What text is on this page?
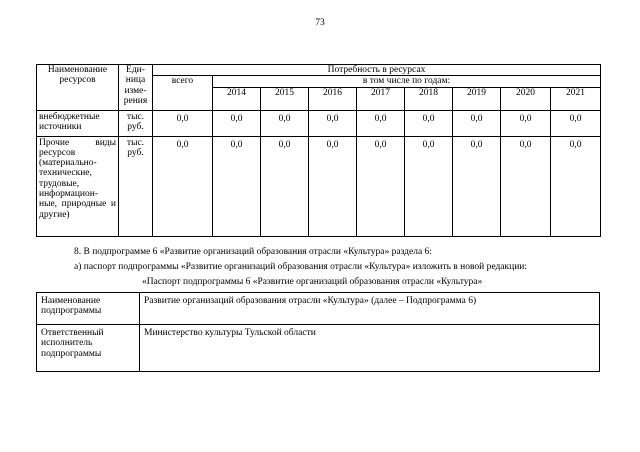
73
Наименование ресурсов	Еди-ница изме-рения	Потребность в ресурсах								
		всего	в том числе по годам:							
			2014	2015	2016	2017	2018	2019	2020	2021
внебюджетные источники	тыс. руб.	0,0	0,0	0,0	0,0	0,0	0,0	0,0	0,0	0,0
Прочие виды ресурсов (материально-технические, трудовые, информацион-ные, природные и другие)	тыс. руб.	0,0	0,0	0,0	0,0	0,0	0,0	0,0	0,0	0,0
8. В подпрограмме 6 «Развитие организаций образования отрасли «Культура» раздела 6:
а) паспорт подпрограммы «Развитие организаций образования отрасли «Культура» изложить в новой редакции:
«Паспорт подпрограммы 6 «Развитие организаций образования отрасли «Культура»
Наименование подпрограммы	Развитие организаций образования отрасли «Культура» (далее – Подпрограмма 6)
Ответственный исполнитель подпрограммы	Министерство культуры Тульской области
